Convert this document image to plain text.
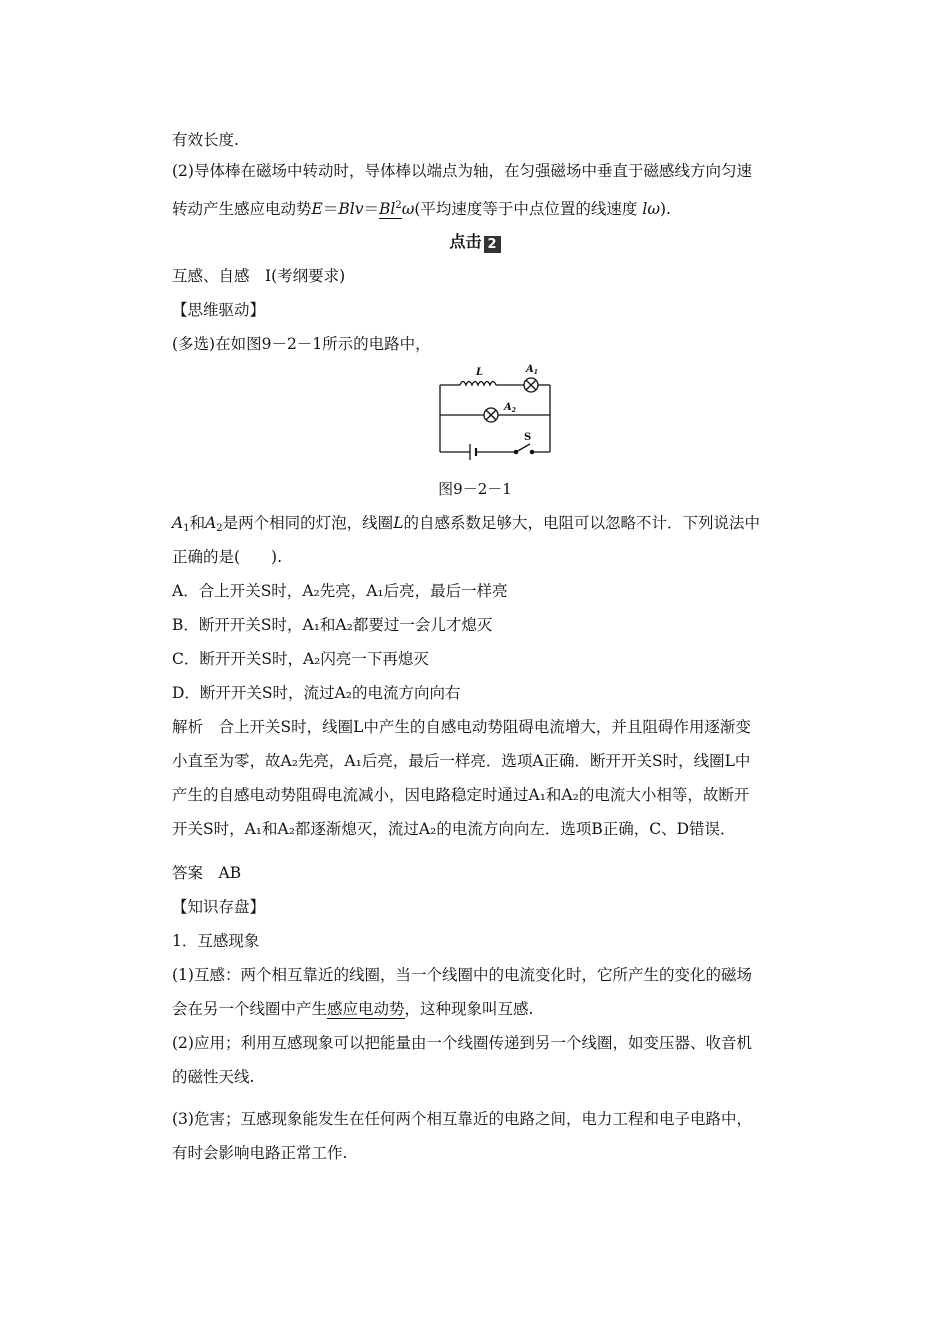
有效长度.
(2)导体棒在磁场中转动时，导体棒以端点为轴，在匀强磁场中垂直于磁感线方向匀速
转动产生感应电动势$E=Blv=Bl^2\omega$(平均速度等于中点位置的线速度 lω).
点击 2
互感、自感　Ⅰ(考纲要求)
【思维驱动】
(多选)在如图9－2－1所示的电路中，
L	$A_1$
$A_2$
S
图9－2－1
$A_1$和$A_2$是两个相同的灯泡，线圈L的自感系数足够大，电阻可以忽略不计．下列说法中
正确的是(　　).
A．合上开关S时，A₂先亮，A₁后亮，最后一样亮
B．断开开关S时，A₁和A₂都要过一会儿才熄灭
C．断开开关S时，A₂闪亮一下再熄灭
D．断开开关S时，流过A₂的电流方向向右
解析　合上开关S时，线圈L中产生的自感电动势阻碍电流增大，并且阻碍作用逐渐变
小直至为零，故A₂先亮，A₁后亮，最后一样亮．选项A正确．断开开关S时，线圈L中
产生的自感电动势阻碍电流减小，因电路稳定时通过A₁和A₂的电流大小相等，故断开
开关S时，A₁和A₂都逐渐熄灭，流过A₂的电流方向向左．选项B正确，C、D错误．
答案　AB
【知识存盘】
1．互感现象
(1)互感：两个相互靠近的线圈，当一个线圈中的电流变化时，它所产生的变化的磁场
会在另一个线圈中产生感应电动势，这种现象叫互感.
(2)应用；利用互感现象可以把能量由一个线圈传递到另一个线圈，如变压器、收音机
的磁性天线.
(3)危害；互感现象能发生在任何两个相互靠近的电路之间，电力工程和电子电路中，
有时会影响电路正常工作.
